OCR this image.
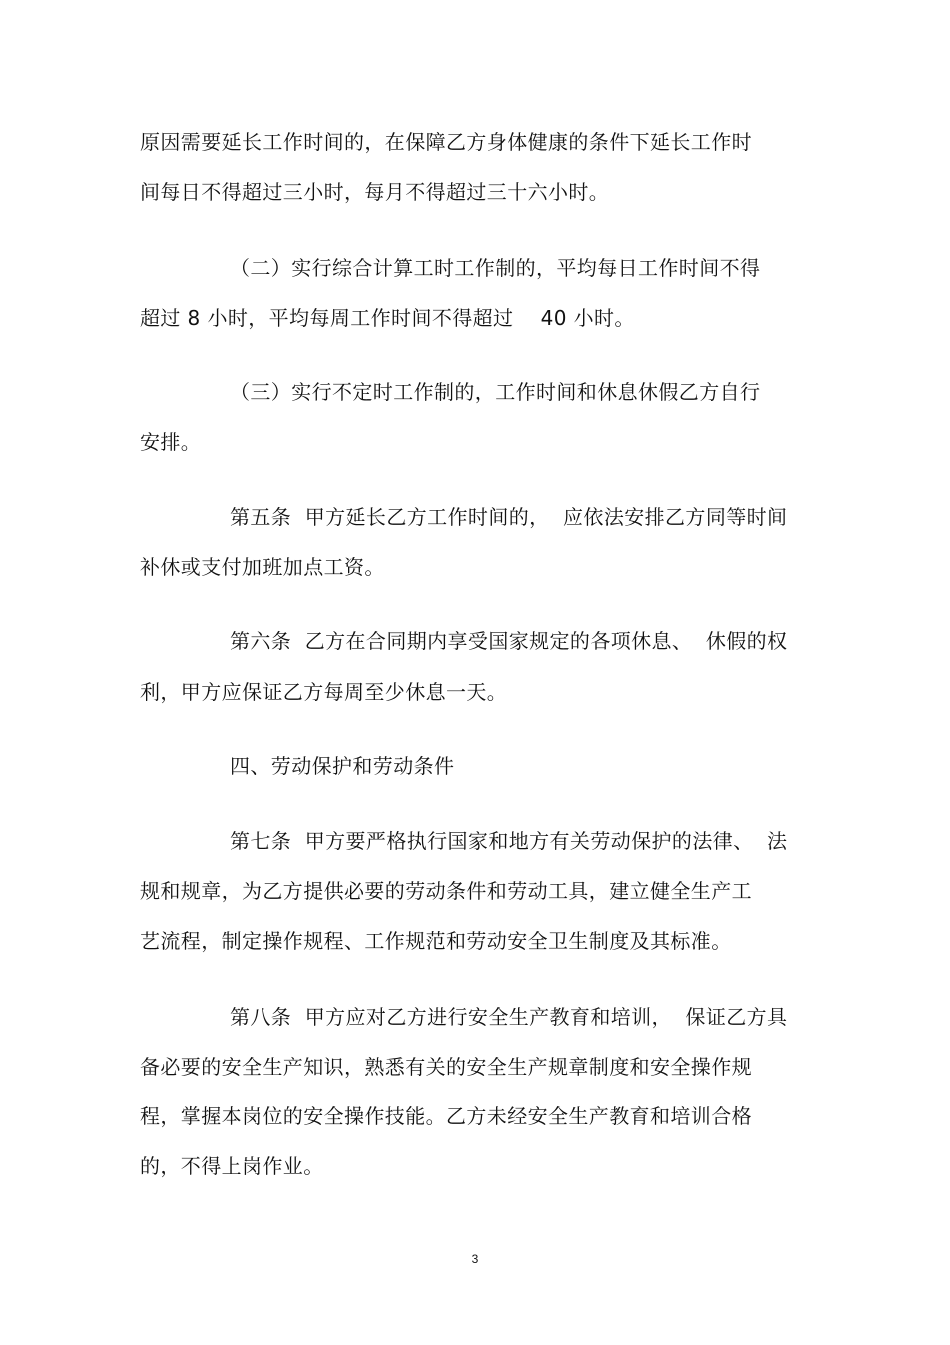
原因需要延长工作时间的，在保障乙方身体健康的条件下延长工作时
间每日不得超过三小时，每月不得超过三十六小时。
（二）实行综合计算工时工作制的，平均每日工作时间不得
超过 8 小时，平均每周工作时间不得超过　 40 小时。
（三）实行不定时工作制的，工作时间和休息休假乙方自行
安排。
第五条  甲方延长乙方工作时间的，  应依法安排乙方同等时间
补休或支付加班加点工资。
第六条  乙方在合同期内享受国家规定的各项休息、  休假的权
利，甲方应保证乙方每周至少休息一天。
四、劳动保护和劳动条件
第七条  甲方要严格执行国家和地方有关劳动保护的法律、  法
规和规章，为乙方提供必要的劳动条件和劳动工具，建立健全生产工
艺流程，制定操作规程、工作规范和劳动安全卫生制度及其标准。
第八条  甲方应对乙方进行安全生产教育和培训，  保证乙方具
备必要的安全生产知识，熟悉有关的安全生产规章制度和安全操作规
程，掌握本岗位的安全操作技能。乙方未经安全生产教育和培训合格
的，不得上岗作业。
3
